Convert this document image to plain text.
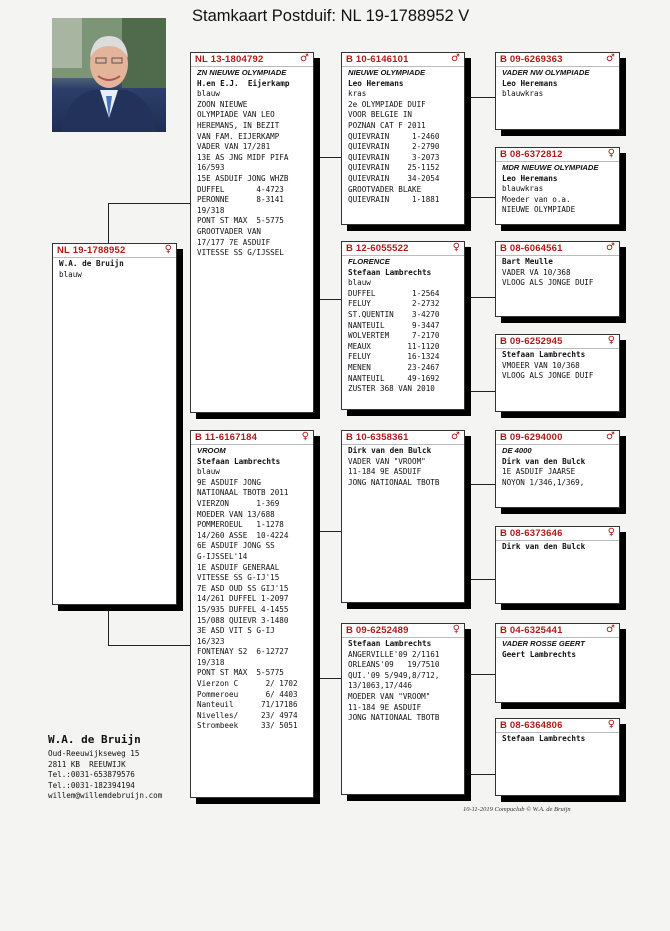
Stamkaart Postduif: NL 19-1788952 V
NL 19-1788952	♀
W.A. de Bruijn
blauw
NL 13-1804792	♂
ZN NIEUWE OLYMPIADE
H.en E.J.  Eijerkamp
blauw
ZOON NIEUWE
OLYMPIADE VAN LEO
HEREMANS, IN BEZIT
VAN FAM. EIJERKAMP
VADER VAN 17/281
13E AS JNG MIDF PIFA
16/593
15E ASDUIF JONG WHZB
DUFFEL       4-4723
PERONNE      8-3141
19/318
PONT ST MAX  5-5775
GROOTVADER VAN
17/177 7E ASDUIF
VITESSE SS G/IJSSEL
B 11-6167184	♀
VROOM
Stefaan Lambrechts
blauw
9E ASDUIF JONG
NATIONAAL TBOTB 2011
VIERZON      1-369
MOEDER VAN 13/688
POMMEROEUL   1-1278
14/260 ASSE  10-4224
6E ASDUIF JONG SS
G-IJSSEL'14
1E ASDUIF GENERAAL
VITESSE SS G-IJ'15
7E ASD OUD SS GIJ'15
14/261 DUFFEL 1-2097
15/935 DUFFEL 4-1455
15/088 QUIEVR 3-1480
3E ASD VIT S G-IJ
16/323
FONTENAY S2  6-12727
19/318
PONT ST MAX  5-5775
Vierzon C      2/ 1702
Pommeroeu      6/ 4403
Nanteuil      71/17186
Nivelles/     23/ 4974
Strombeek     33/ 5051
B 10-6146101	♂
NIEUWE OLYMPIADE
Leo Heremans
kras
2e OLYMPIADE DUIF
VOOR BELGIE IN
POZNAN CAT F 2011
QUIEVRAIN     1-2460
QUIEVRAIN     2-2790
QUIEVRAIN     3-2073
QUIEVRAIN    25-1152
QUIEVRAIN    34-2054
GROOTVADER BLAKE
QUIEVRAIN     1-1881
B 12-6055522	♀
FLORENCE
Stefaan Lambrechts
blauw
DUFFEL        1-2564
FELUY         2-2732
ST.QUENTIN    3-4270
NANTEUIL      9-3447
WOLVERTEM     7-2170
MEAUX        11-1120
FELUY        16-1324
MENEN        23-2467
NANTEUIL     49-1692
ZUSTER 368 VAN 2010
B 10-6358361	♂
Dirk van den Bulck
VADER VAN "VROOM"
11-184 9E ASDUIF
JONG NATIONAAL TBOTB
B 09-6252489	♀
Stefaan Lambrechts
ANGERVILLE'09 2/1161
ORLEANS'09   19/7510
QUI.'09 5/949,8/712,
13/1063,17/446
MOEDER VAN "VROOM"
11-184 9E ASDUIF
JONG NATIONAAL TBOTB
B 09-6269363	♂
VADER NW OLYMPIADE
Leo Heremans
blauwkras
B 08-6372812	♀
MDR NIEUWE OLYMPIADE
Leo Heremans
blauwkras
Moeder van o.a.
NIEUWE OLYMPIADE
B 08-6064561	♂
Bart Meulle
VADER VA 10/368
VLOOG ALS JONGE DUIF
B 09-6252945	♀
Stefaan Lambrechts
VMOEER VAN 10/368
VLOOG ALS JONGE DUIF
B 09-6294000	♂
DE 4000
Dirk van den Bulck
1E ASDUIF JAARSE
NOYON 1/346,1/369,
B 08-6373646	♀
Dirk van den Bulck
B 04-6325441	♂
VADER ROSSE GEERT
Geert Lambrechts
B 08-6364806	♀
Stefaan Lambrechts
W.A. de Bruijn
Oud-Reeuwijkseweg 15
2811 KB  REEUWIJK
Tel.:0031-653879576
Tel.:0031-182394194
willem@willemdebruijn.com
10-11-2019 Compuclub © W.A. de Bruijn
